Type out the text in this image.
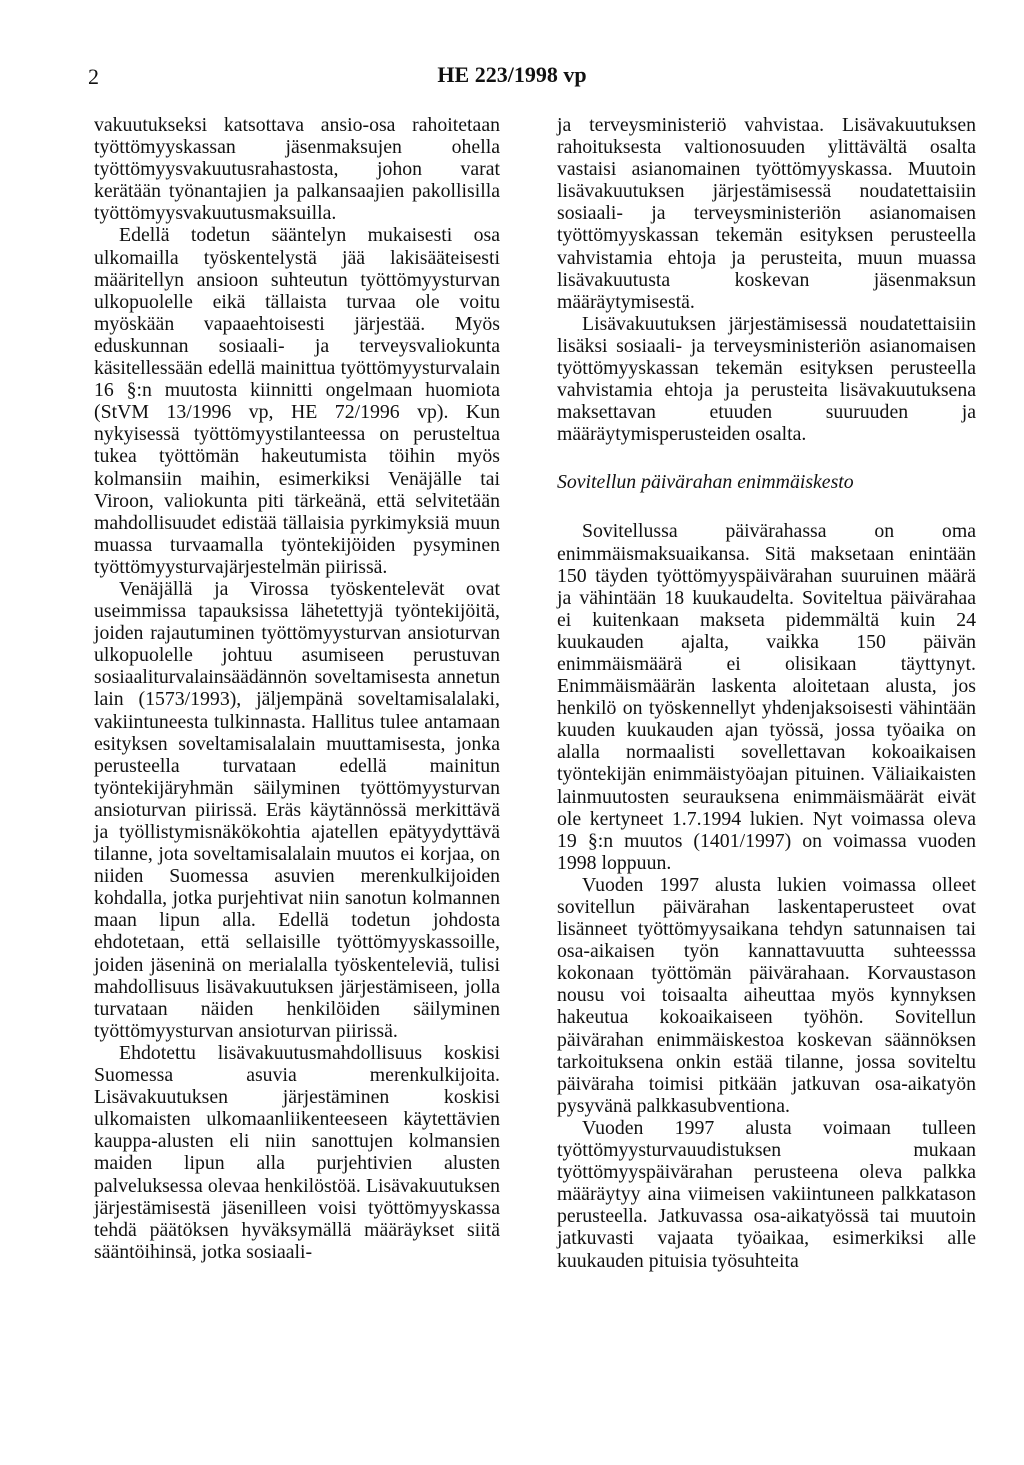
2	HE 223/1998 vp

vakuutukseksi katsottava ansio-osa rahoitetaan työttömyyskassan jäsenmaksujen ohella työttömyysvakuutusrahastosta, johon varat kerätään työnantajien ja palkansaajien pakollisilla työttömyysvakuutusmaksuilla.

Edellä todetun sääntelyn mukaisesti osa ulkomailla työskentelystä jää lakisääteisesti määritellyn ansioon suhteutun työttömyysturvan ulkopuolelle eikä tällaista turvaa ole voitu myöskään vapaaehtoisesti järjestää. Myös eduskunnan sosiaali- ja terveysvaliokunta käsitellessään edellä mainittua työttömyysturvalain 16 §:n muutosta kiinnitti ongelmaan huomiota (StVM 13/1996 vp, HE 72/1996 vp). Kun nykyisessä työttömyystilanteessa on perusteltua tukea työttömän hakeutumista töihin myös kolmansiin maihin, esimerkiksi Venäjälle tai Viroon, valiokunta piti tärkeänä, että selvitetään mahdollisuudet edistää tällaisia pyrkimyksiä muun muassa turvaamalla työntekijöiden pysyminen työttömyysturvajärjestelmän piirissä.

Venäjällä ja Virossa työskentelevät ovat useimmissa tapauksissa lähetettyjä työntekijöitä, joiden rajautuminen työttömyysturvan ansioturvan ulkopuolelle johtuu asumiseen perustuvan sosiaaliturvalainsäädännön soveltamisesta annetun lain (1573/1993), jäljempänä soveltamisalalaki, vakiintuneesta tulkinnasta. Hallitus tulee antamaan esityksen soveltamisalalain muuttamisesta, jonka perusteella turvataan edellä mainitun työntekijäryhmän säilyminen työttömyysturvan ansioturvan piirissä. Eräs käytännössä merkittävä ja työllistymisnäkökohtia ajatellen epätyydyttävä tilanne, jota soveltamisalalain muutos ei korjaa, on niiden Suomessa asuvien merenkulkijoiden kohdalla, jotka purjehtivat niin sanotun kolmannen maan lipun alla. Edellä todetun johdosta ehdotetaan, että sellaisille työttömyyskassoille, joiden jäseninä on merialalla työskenteleviä, tulisi mahdollisuus lisävakuutuksen järjestämiseen, jolla turvataan näiden henkilöiden säilyminen työttömyysturvan ansioturvan piirissä.

Ehdotettu lisävakuutusmahdollisuus koskisi Suomessa asuvia merenkulkijoita. Lisävakuutuksen järjestäminen koskisi ulkomaisten ulkomaanliikenteeseen käytettävien kauppa-alusten eli niin sanottujen kolmansien maiden lipun alla purjehtivien alusten palveluksessa olevaa henkilöstöä. Lisävakuutuksen järjestämisestä jäsenilleen voisi työttömyyskassa tehdä päätöksen hyväksymällä määräykset siitä sääntöihinsä, jotka sosiaali-

ja terveysministeriö vahvistaa. Lisävakuutuksen rahoituksesta valtionosuuden ylittävältä osalta vastaisi asianomainen työttömyyskassa. Muutoin lisävakuutuksen järjestämisessä noudatettaisiin sosiaali- ja terveysministeriön asianomaisen työttömyyskassan tekemän esityksen perusteella vahvistamia ehtoja ja perusteita, muun muassa lisävakuutusta koskevan jäsenmaksun määräytymisestä.

Lisävakuutuksen järjestämisessä noudatettaisiin lisäksi sosiaali- ja terveysministeriön asianomaisen työttömyyskassan tekemän esityksen perusteella vahvistamia ehtoja ja perusteita lisävakuutuksena maksettavan etuuden suuruuden ja määräytymisperusteiden osalta.

Sovitellun päivärahan enimmäiskesto

Sovitellussa päivärahassa on oma enimmäismaksuaikansa. Sitä maksetaan enintään 150 täyden työttömyyspäivärahan suuruinen määrä ja vähintään 18 kuukaudelta. Soviteltua päivärahaa ei kuitenkaan makseta pidemmältä kuin 24 kuukauden ajalta, vaikka 150 päivän enimmäismäärä ei olisikaan täyttynyt. Enimmäismäärän laskenta aloitetaan alusta, jos henkilö on työskennellyt yhdenjaksoisesti vähintään kuuden kuukauden ajan työssä, jossa työaika on alalla normaalisti sovellettavan kokoaikaisen työntekijän enimmäistyöajan pituinen. Väliaikaisten lainmuutosten seurauksena enimmäismäärät eivät ole kertyneet 1.7.1994 lukien. Nyt voimassa oleva 19 §:n muutos (1401/1997) on voimassa vuoden 1998 loppuun.

Vuoden 1997 alusta lukien voimassa olleet sovitellun päivärahan laskentaperusteet ovat lisänneet työttömyysaikana tehdyn satunnaisen tai osa-aikaisen työn kannattavuutta suhteesssa kokonaan työttömän päivärahaan. Korvaustason nousu voi toisaalta aiheuttaa myös kynnyksen hakeutua kokoaikaiseen työhön. Sovitellun päivärahan enimmäiskestoa koskevan säännöksen tarkoituksena onkin estää tilanne, jossa soviteltu päiväraha toimisi pitkään jatkuvan osa-aikatyön pysyvänä palkkasubventiona.

Vuoden 1997 alusta voimaan tulleen työttömyysturvauudistuksen mukaan työttömyyspäivärahan perusteena oleva palkka määräytyy aina viimeisen vakiintuneen palkkatason perusteella. Jatkuvassa osa-aikatyössä tai muutoin jatkuvasti vajaata työaikaa, esimerkiksi alle kuukauden pituisia työsuhteita
